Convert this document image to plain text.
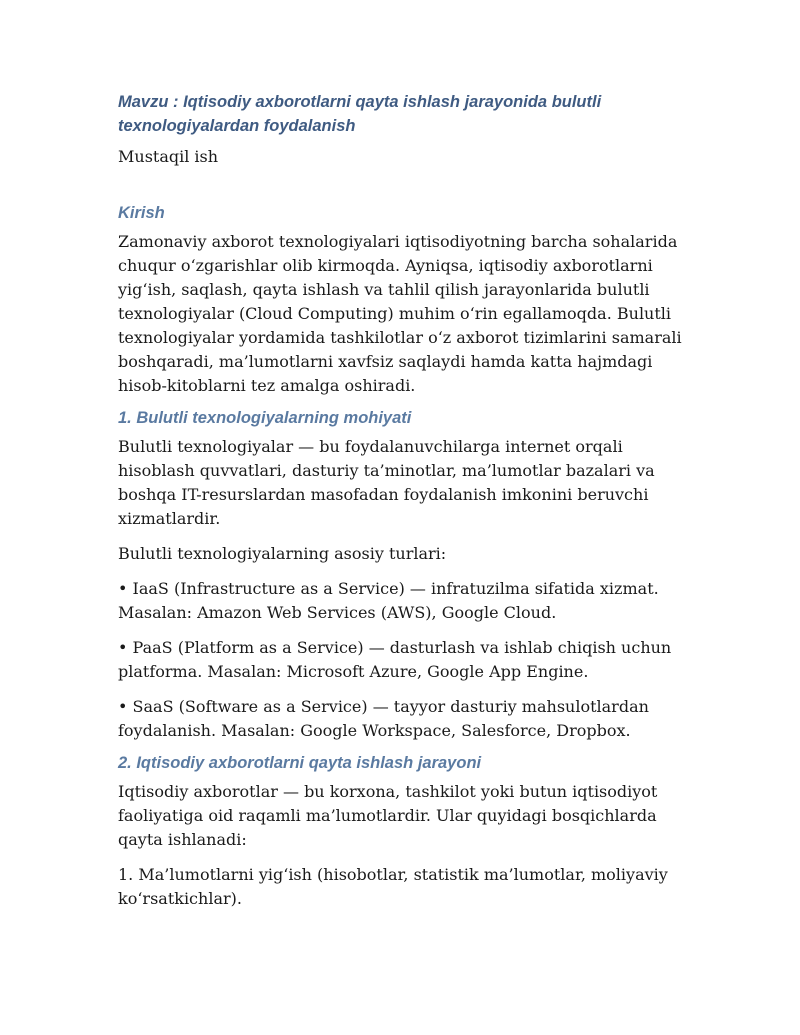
Mavzu : Iqtisodiy axborotlarni qayta ishlash jarayonida bulutli texnologiyalardan foydalanish

Mustaqil ish

Kirish

Zamonaviy axborot texnologiyalari iqtisodiyotning barcha sohalarida chuqur o‘zgarishlar olib kirmoqda. Ayniqsa, iqtisodiy axborotlarni yig‘ish, saqlash, qayta ishlash va tahlil qilish jarayonlarida bulutli texnologiyalar (Cloud Computing) muhim o‘rin egallamoqda. Bulutli texnologiyalar yordamida tashkilotlar o‘z axborot tizimlarini samarali boshqaradi, ma’lumotlarni xavfsiz saqlaydi hamda katta hajmdagi hisob-kitoblarni tez amalga oshiradi.

1. Bulutli texnologiyalarning mohiyati

Bulutli texnologiyalar — bu foydalanuvchilarga internet orqali hisoblash quvvatlari, dasturiy ta’minotlar, ma’lumotlar bazalari va boshqa IT-resurslardan masofadan foydalanish imkonini beruvchi xizmatlardir.

Bulutli texnologiyalarning asosiy turlari:

• IaaS (Infrastructure as a Service) — infratuzilma sifatida xizmat. Masalan: Amazon Web Services (AWS), Google Cloud.

• PaaS (Platform as a Service) — dasturlash va ishlab chiqish uchun platforma. Masalan: Microsoft Azure, Google App Engine.

• SaaS (Software as a Service) — tayyor dasturiy mahsulotlardan foydalanish. Masalan: Google Workspace, Salesforce, Dropbox.

2. Iqtisodiy axborotlarni qayta ishlash jarayoni

Iqtisodiy axborotlar — bu korxona, tashkilot yoki butun iqtisodiyot faoliyatiga oid raqamli ma’lumotlardir. Ular quyidagi bosqichlarda qayta ishlanadi:

1. Ma’lumotlarni yig‘ish (hisobotlar, statistik ma’lumotlar, moliyaviy ko‘rsatkichlar).
